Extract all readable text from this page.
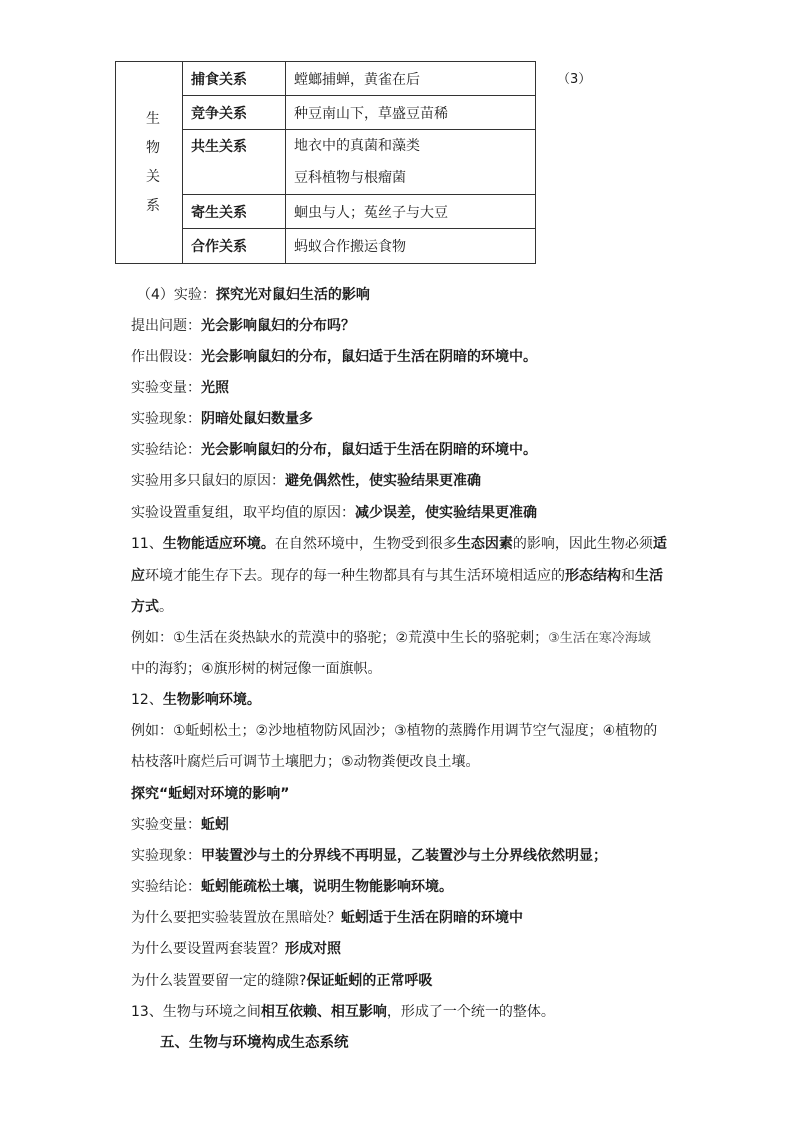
生
物
关
系	捕食关系	螳螂捕蝉，黄雀在后
	竞争关系	种豆南山下，草盛豆苗稀
	共生关系	地衣中的真菌和藻类
豆科植物与根瘤菌

	寄生关系	蛔虫与人；菟丝子与大豆
	合作关系	蚂蚁合作搬运食物
（3）
（4）实验：探究光对鼠妇生活的影响
提出问题：光会影响鼠妇的分布吗？
作出假设：光会影响鼠妇的分布，鼠妇适于生活在阴暗的环境中。
实验变量：光照
实验现象：阴暗处鼠妇数量多
实验结论：光会影响鼠妇的分布，鼠妇适于生活在阴暗的环境中。
实验用多只鼠妇的原因：避免偶然性，使实验结果更准确
实验设置重复组，取平均值的原因：减少误差，使实验结果更准确
11、生物能适应环境。在自然环境中，生物受到很多生态因素的影响，因此生物必须适
应环境才能生存下去。现存的每一种生物都具有与其生活环境相适应的形态结构和生活
方式。
例如：①生活在炎热缺水的荒漠中的骆驼；②荒漠中生长的骆驼刺；③生活在寒冷海域
中的海豹；④旗形树的树冠像一面旗帜。
12、生物影响环境。
例如：①蚯蚓松土；②沙地植物防风固沙；③植物的蒸腾作用调节空气湿度；④植物的
枯枝落叶腐烂后可调节土壤肥力；⑤动物粪便改良土壤。
探究“蚯蚓对环境的影响”
实验变量：蚯蚓
实验现象：甲装置沙与土的分界线不再明显，乙装置沙与土分界线依然明显；
实验结论：蚯蚓能疏松土壤，说明生物能影响环境。
为什么要把实验装置放在黑暗处？蚯蚓适于生活在阴暗的环境中
为什么要设置两套装置？形成对照
为什么装置要留一定的缝隙?保证蚯蚓的正常呼吸
13、生物与环境之间相互依赖、相互影响，形成了一个统一的整体。
五、生物与环境构成生态系统
